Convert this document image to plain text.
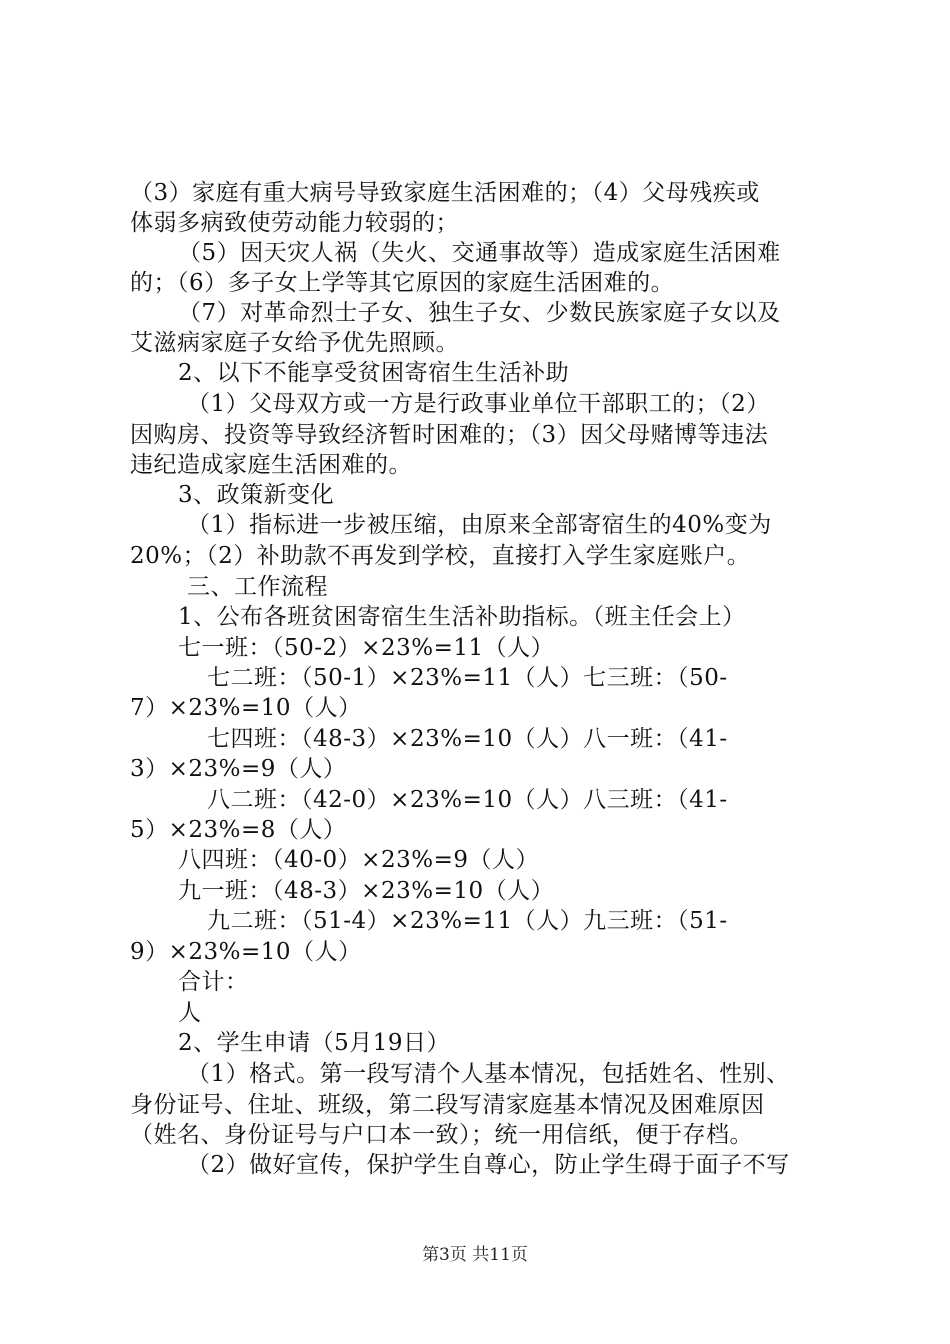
（3）家庭有重大病号导致家庭生活困难的；（4）父母残疾或
体弱多病致使劳动能力较弱的；
（5）因天灾人祸（失火、交通事故等）造成家庭生活困难
的；（6）多子女上学等其它原因的家庭生活困难的。
（7）对革命烈士子女、独生子女、少数民族家庭子女以及
艾滋病家庭子女给予优先照顾。
2、以下不能享受贫困寄宿生生活补助
（1）父母双方或一方是行政事业单位干部职工的；（2）
因购房、投资等导致经济暂时困难的；（3）因父母赌博等违法
违纪造成家庭生活困难的。
3、政策新变化
（1）指标进一步被压缩，由原来全部寄宿生的40%变为
20%；（2）补助款不再发到学校，直接打入学生家庭账户。
三、工作流程
1、公布各班贫困寄宿生生活补助指标。（班主任会上）
七一班：（50-2）×23%=11（人）
七二班：（50-1）×23%=11（人）七三班：（50-
7）×23%=10（人）
七四班：（48-3）×23%=10（人）八一班：（41-
3）×23%=9（人）
八二班：（42-0）×23%=10（人）八三班：（41-
5）×23%=8（人）
八四班：（40-0）×23%=9（人）
九一班：（48-3）×23%=10（人）
九二班：（51-4）×23%=11（人）九三班：（51-
9）×23%=10（人）
合计：
人
2、学生申请（5月19日）
（1）格式。第一段写清个人基本情况，包括姓名、性别、
身份证号、住址、班级，第二段写清家庭基本情况及困难原因
（姓名、身份证号与户口本一致）；统一用信纸，便于存档。
（2）做好宣传，保护学生自尊心，防止学生碍于面子不写
第3页 共11页
